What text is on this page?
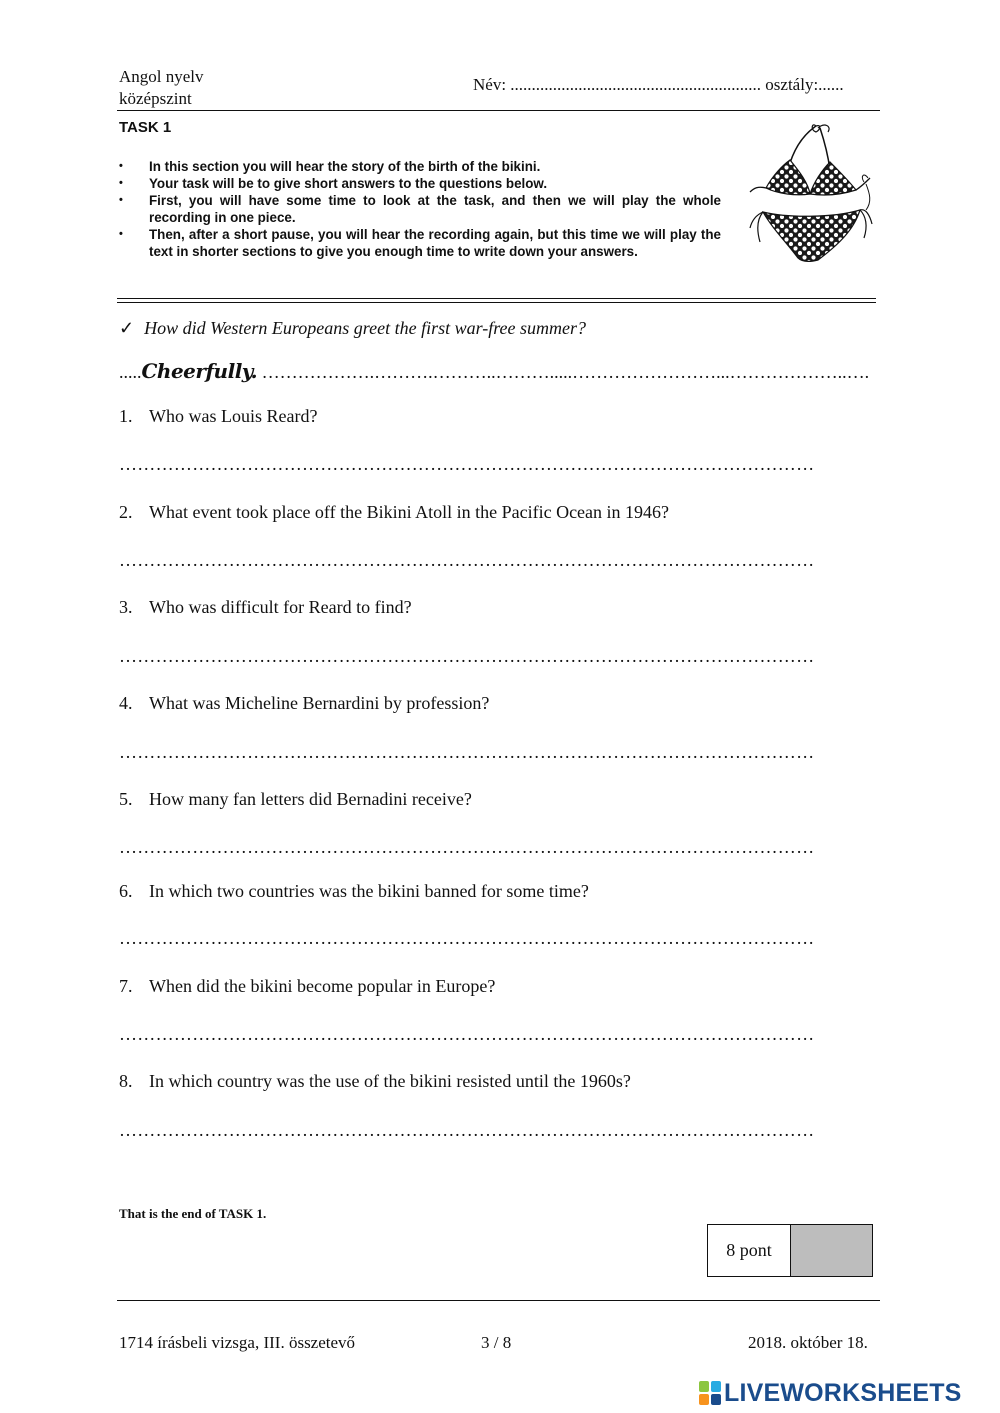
Angol nyelv
középszint
Név: ........................................................... osztály:......
TASK 1
• In this section you will hear the story of the birth of the bikini.
• Your task will be to give short answers to the questions below.
• First, you will have some time to look at the task, and then we will play the whole recording in one piece.
• Then, after a short pause, you will hear the recording again, but this time we will play the text in shorter sections to give you enough time to write down your answers.
✓ How did Western Europeans greet the first war-free summer?
.....Cheerfully. ……………….……….………..……….....……………………...………………..….
1. Who was Louis Reard?
……………………………………………………………………………………………………
2. What event took place off the Bikini Atoll in the Pacific Ocean in 1946?
……………………………………………………………………………………………………
3. Who was difficult for Reard to find?
……………………………………………………………………………………………………
4. What was Micheline Bernardini by profession?
……………………………………………………………………………………………………
5. How many fan letters did Bernadini receive?
……………………………………………………………………………………………………
6. In which two countries was the bikini banned for some time?
……………………………………………………………………………………………………
7. When did the bikini become popular in Europe?
……………………………………………………………………………………………………
8. In which country was the use of the bikini resisted until the 1960s?
……………………………………………………………………………………………………
That is the end of TASK 1.
8 pont
1714 írásbeli vizsga, III. összetevő	3 / 8	2018. október 18.
LIVEWORKSHEETS
